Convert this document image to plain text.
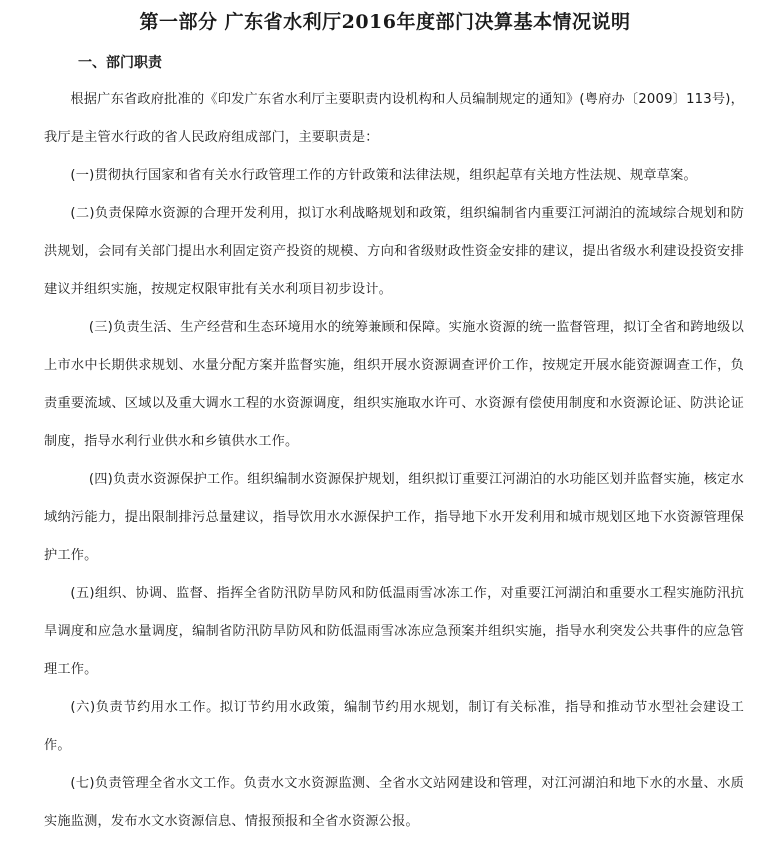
第一部分 广东省水利厅2016年度部门决算基本情况说明
一、部门职责

根据广东省政府批准的《印发广东省水利厅主要职责内设机构和人员编制规定的通知》(粤府办〔2009〕113号)，我厅是主管水行政的省人民政府组成部门，主要职责是：

(一)贯彻执行国家和省有关水行政管理工作的方针政策和法律法规，组织起草有关地方性法规、规章草案。

(二)负责保障水资源的合理开发利用，拟订水利战略规划和政策，组织编制省内重要江河湖泊的流域综合规划和防洪规划，会同有关部门提出水利固定资产投资的规模、方向和省级财政性资金安排的建议，提出省级水利建设投资安排建议并组织实施，按规定权限审批有关水利项目初步设计。

(三)负责生活、生产经营和生态环境用水的统筹兼顾和保障。实施水资源的统一监督管理，拟订全省和跨地级以上市水中长期供求规划、水量分配方案并监督实施，组织开展水资源调查评价工作，按规定开展水能资源调查工作，负责重要流域、区域以及重大调水工程的水资源调度，组织实施取水许可、水资源有偿使用制度和水资源论证、防洪论证制度，指导水利行业供水和乡镇供水工作。

(四)负责水资源保护工作。组织编制水资源保护规划，组织拟订重要江河湖泊的水功能区划并监督实施，核定水域纳污能力，提出限制排污总量建议，指导饮用水水源保护工作，指导地下水开发利用和城市规划区地下水资源管理保护工作。

(五)组织、协调、监督、指挥全省防汛防旱防风和防低温雨雪冰冻工作，对重要江河湖泊和重要水工程实施防汛抗旱调度和应急水量调度，编制省防汛防旱防风和防低温雨雪冰冻应急预案并组织实施，指导水利突发公共事件的应急管理工作。

(六)负责节约用水工作。拟订节约用水政策，编制节约用水规划，制订有关标准，指导和推动节水型社会建设工作。

(七)负责管理全省水文工作。负责水文水资源监测、全省水文站网建设和管理，对江河湖泊和地下水的水量、水质实施监测，发布水文水资源信息、情报预报和全省水资源公报。
